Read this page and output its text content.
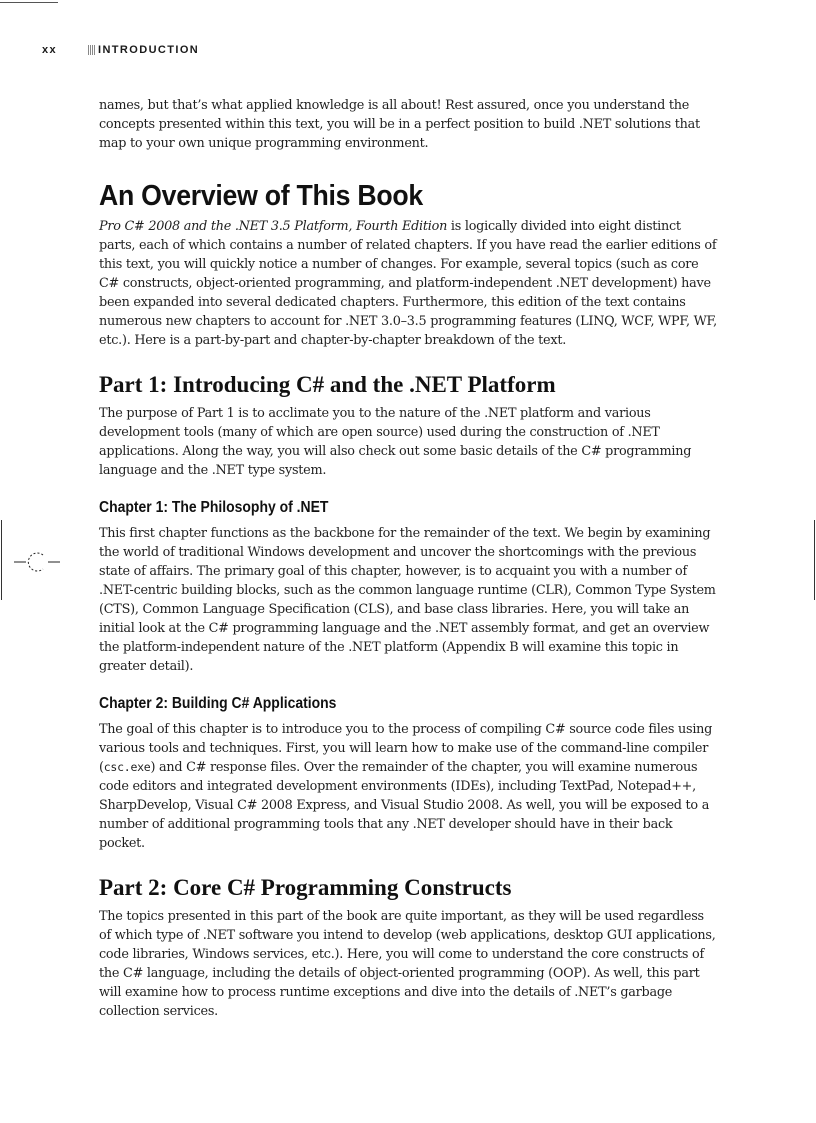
xx	INTRODUCTION

names, but that’s what applied knowledge is all about! Rest assured, once you understand the concepts presented within this text, you will be in a perfect position to build .NET solutions that map to your own unique programming environment.

An Overview of This Book

Pro C# 2008 and the .NET 3.5 Platform, Fourth Edition is logically divided into eight distinct parts, each of which contains a number of related chapters. If you have read the earlier editions of this text, you will quickly notice a number of changes. For example, several topics (such as core C# constructs, object-oriented programming, and platform-independent .NET development) have been expanded into several dedicated chapters. Furthermore, this edition of the text contains numerous new chapters to account for .NET 3.0–3.5 programming features (LINQ, WCF, WPF, WF, etc.). Here is a part-by-part and chapter-by-chapter breakdown of the text.

Part 1: Introducing C# and the .NET Platform

The purpose of Part 1 is to acclimate you to the nature of the .NET platform and various development tools (many of which are open source) used during the construction of .NET applications. Along the way, you will also check out some basic details of the C# programming language and the .NET type system.

Chapter 1: The Philosophy of .NET

This first chapter functions as the backbone for the remainder of the text. We begin by examining the world of traditional Windows development and uncover the shortcomings with the previous state of affairs. The primary goal of this chapter, however, is to acquaint you with a number of .NET-centric building blocks, such as the common language runtime (CLR), Common Type System (CTS), Common Language Specification (CLS), and base class libraries. Here, you will take an initial look at the C# programming language and the .NET assembly format, and get an overview the platform-independent nature of the .NET platform (Appendix B will examine this topic in greater detail).

Chapter 2: Building C# Applications

The goal of this chapter is to introduce you to the process of compiling C# source code files using various tools and techniques. First, you will learn how to make use of the command-line compiler (csc.exe) and C# response files. Over the remainder of the chapter, you will examine numerous code editors and integrated development environments (IDEs), including TextPad, Notepad++, SharpDevelop, Visual C# 2008 Express, and Visual Studio 2008. As well, you will be exposed to a number of additional programming tools that any .NET developer should have in their back pocket.

Part 2: Core C# Programming Constructs

The topics presented in this part of the book are quite important, as they will be used regardless of which type of .NET software you intend to develop (web applications, desktop GUI applications, code libraries, Windows services, etc.). Here, you will come to understand the core constructs of the C# language, including the details of object-oriented programming (OOP). As well, this part will examine how to process runtime exceptions and dive into the details of .NET’s garbage collection services.
